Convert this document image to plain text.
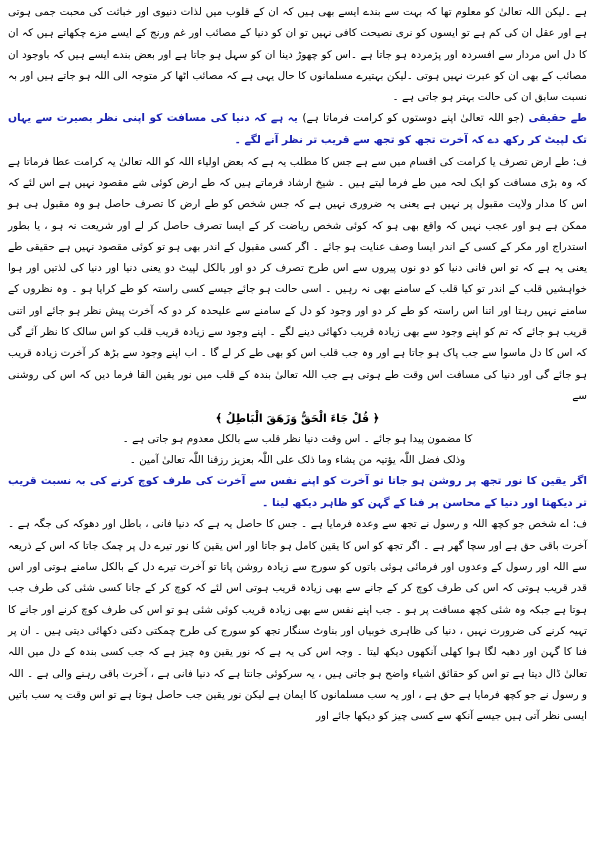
ہے ۔لیکن اللہ تعالیٰ کو معلوم تھا کہ بہت سے بندے ایسے بھی ہیں کہ ان کے قلوب میں لذات دنیوی اور خباثت کی محبت جمی ہوتی ہے اور عقل ان کی کم ہے تو ایسوں کو نری نصیحت کافی نہیں تو ان کو دنیا کے مصائب اور غم ورنج کے ایسے مزے چکھاتے ہیں کہ ان کا دل اس مردار سے افسردہ اور پژمردہ ہو جاتا ہے ۔اس کو چھوڑ دینا ان کو سہل ہو جاتا ہے اور بعض بندے ایسے ہیں کہ باوجود ان مصائب کے بھی ان کو عبرت نہیں ہوتی ۔لیکن بہتیرے مسلمانوں کا حال یہی ہے کہ مصائب اٹھا کر متوجہ الی اللہ ہو جاتے ہیں اور بہ نسبت سابق ان کی حالت بہتر ہو جاتی ہے ۔

طے حقیقی (جو اللہ تعالیٰ اپنے دوستوں کو کرامت فرماتا ہے) یہ ہے کہ دنیا کی مسافت کو اپنی نظر بصیرت سے یہاں تک لپیٹ کر رکھ دے کہ آخرت تجھ کو تجھ سے قریب تر نظر آنے لگے ۔

ف: طے ارض تصرف یا کرامت کی اقسام میں سے ہے جس کا مطلب یہ ہے کہ بعض اولیاء اللہ کو اللہ تعالیٰ یہ کرامت عطا فرماتا ہے کہ وہ بڑی مسافت کو ایک لحہ میں طے فرما لیتے ہیں ۔ شیخ ارشاد فرماتے ہیں کہ طے ارض کوئی شے مقصود نہیں ہے اس لئے کہ اس کا مدار ولایت مقبول پر نہیں ہے یعنی یہ ضروری نہیں ہے کہ جس شخص کو طے ارض کا تصرف حاصل ہو وہ مقبول ہی ہو ممکن ہے ہو اور عجب نہیں کہ واقع بھی ہو کہ کوئی شخص ریاضت کر کے ایسا تصرف حاصل کر لے اور شریعت نہ ہو ، یا بطور استدراج اور مکر کے کسی کے اندر ایسا وصف عنایت ہو جائے ۔ اگر کسی مقبول کے اندر بھی ہو تو کوئی مقصود نہیں ہے حقیقی طے یعنی یہ ہے کہ تو اس فانی دنیا کو دو نوں پیروں سے اس طرح تصرف کر دو اور بالکل لپیٹ دو یعنی دنیا اور دنیا کی لذتیں اور ہوا خواہشیں قلب کے اندر تو کیا قلب کے سامنے بھی نہ رہیں ۔ اسی حالت ہو جائے جیسے کسی راستہ کو طے کرایا ہو ۔ وہ نظروں کے سامنے نہیں رہتا اور اتنا اس راستہ کو طے کر دو اور وجود کو دل کے سامنے سے علیحدہ کر دو کہ آخرت پیش نظر ہو جائے اور اتنی قریب ہو جائے کہ تم کو اپنے وجود سے بھی زیادہ قریب دکھائی دینے لگے ۔ اپنے وجود سے زیادہ قریب قلب کو اس سالک کا نظر آئے گی کہ اس کا دل ماسوا سے جب پاک ہو جاتا ہے اور وہ جب قلب اس کو بھی طے کر لے گا ۔ اب اپنے وجود سے بڑھ کر آخرت زیادہ قریب ہو جائے گی اور دنیا کی مسافت اس وقت طے ہوتی ہے جب اللہ تعالیٰ بندہ کے قلب میں نور یقین القا فرما دیں کہ اس کی روشنی سے

﴿ قُلْ جَاءَ الْحَقُّ وَزَهَقَ الْبَاطِلُ ﴾

کا مضمون پیدا ہو جائے ۔ اس وقت دنیا نظر قلب سے بالکل معدوم ہو جاتی ہے ۔

وذلک فضل اللّٰہ یؤتیہ من یشاء وما ذلک علی اللّٰہ بعزیز رزقنا اللّٰہ تعالیٰ آمین ۔

اگر یقین کا نور تجھ پر روشن ہو جاتا تو آخرت کو اپنے نفس سے آخرت کی طرف کوچ کرنے کی بہ نسبت قریب تر دیکھتا اور دنیا کے محاسن پر فنا کے گہن کو ظاہر دیکھ لیتا ۔

ف: اے شخص جو کچھ اللہ و رسول نے تجھ سے وعدہ فرمایا ہے ۔ جس کا حاصل یہ ہے کہ دنیا فانی ، باطل اور دھوکہ کی جگہ ہے ۔ آخرت باقی حق ہے اور سچا گھر ہے ۔ اگر تجھ کو اس کا یقین کامل ہو جاتا اور اس یقین کا نور تیرے دل پر چمک جاتا کہ اس کے ذریعہ سے اللہ اور رسول کے وعدوں اور فرمائی ہوئی باتوں کو سورج سے زیادہ روشن پاتا تو آخرت تیرے دل کے بالکل سامنے ہوتی اور اس قدر قریب ہوتی کہ اس کی طرف کوچ کر کے جانے سے بھی زیادہ قریب ہوتی اس لئے کہ کوچ کر کے جانا کسی شئی کی طرف جب ہوتا ہے جبکہ وہ شئی کچھ مسافت پر ہو ۔ جب اپنے نفس سے بھی زیادہ قریب کوئی شئی ہو تو اس کی طرف کوچ کرنے اور جانے کا تہیہ کرنے کی ضرورت نہیں ، دنیا کی ظاہری خوبیاں اور بناوٹ سنگار تجھ کو سورج کی طرح چمکتی دکتی دکھائی دیتی ہیں ۔ ان پر فنا کا گہن اور دھبہ لگا ہوا کھلی آنکھوں دیکھ لیتا ۔ وجہ اس کی یہ ہے کہ نور یقین وہ چیز ہے کہ جب کسی بندہ کے دل میں اللہ تعالیٰ ڈال دیتا ہے تو اس کو حقائق اشیاء واضح ہو جاتی ہیں ، یہ سرکوئی جانتا ہے کہ دنیا فانی ہے ، آخرت باقی رہنے والی ہے ۔ اللہ و رسول نے جو کچھ فرمایا ہے حق ہے ، اور یہ سب مسلمانوں کا ایمان ہے لیکن نور یقین جب حاصل ہوتا ہے تو اس وقت یہ سب باتیں ایسی نظر آتی ہیں جیسے آنکھ سے کسی چیز کو دیکھا جائے اور
